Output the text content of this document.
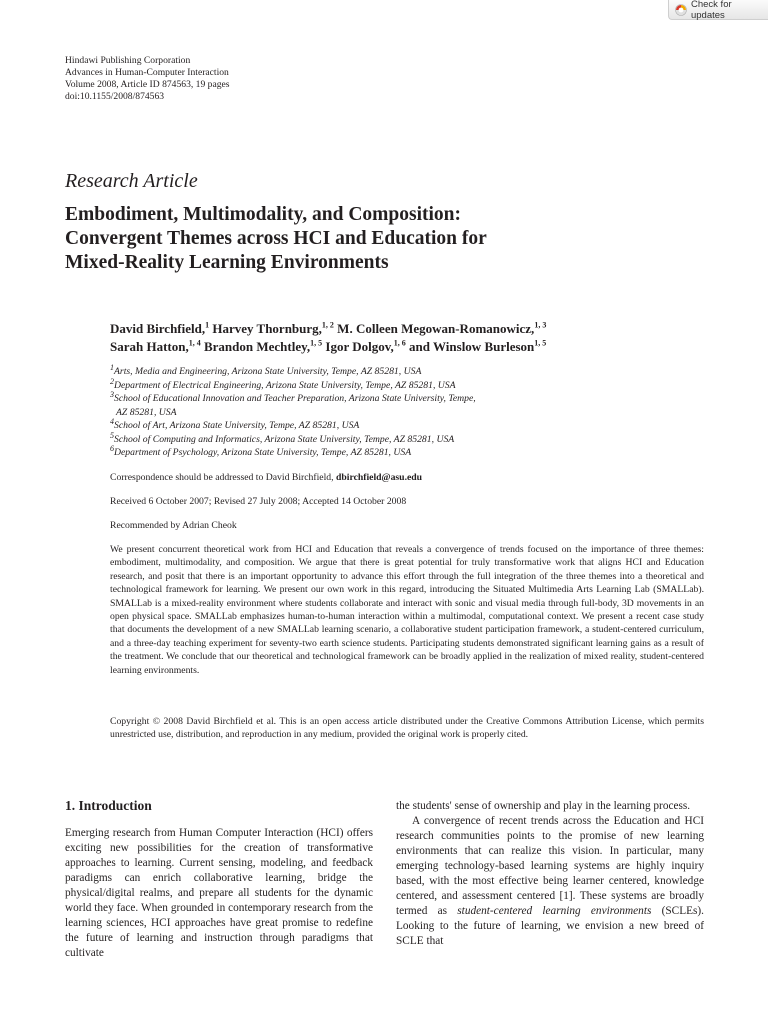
Check for updates
Hindawi Publishing Corporation
Advances in Human-Computer Interaction
Volume 2008, Article ID 874563, 19 pages
doi:10.1155/2008/874563
Research Article
Embodiment, Multimodality, and Composition:
Convergent Themes across HCI and Education for
Mixed-Reality Learning Environments
David Birchfield,$^1$ Harvey Thornburg,$^{1, 2}$ M. Colleen Megowan-Romanowicz,$^{1, 3}$
Sarah Hatton,$^{1, 4}$ Brandon Mechtley,$^{1, 5}$ Igor Dolgov,$^{1, 6}$ and Winslow Burleson$^{1, 5}$
$^1$Arts, Media and Engineering, Arizona State University, Tempe, AZ 85281, USA
$^2$Department of Electrical Engineering, Arizona State University, Tempe, AZ 85281, USA
$^3$School of Educational Innovation and Teacher Preparation, Arizona State University, Tempe,
AZ 85281, USA
$^4$School of Art, Arizona State University, Tempe, AZ 85281, USA
$^5$School of Computing and Informatics, Arizona State University, Tempe, AZ 85281, USA
$^6$Department of Psychology, Arizona State University, Tempe, AZ 85281, USA
Correspondence should be addressed to David Birchfield, dbirchfield@asu.edu
Received 6 October 2007; Revised 27 July 2008; Accepted 14 October 2008
Recommended by Adrian Cheok

We present concurrent theoretical work from HCI and Education that reveals a convergence of trends focused on the importance of three themes: embodiment, multimodality, and composition. We argue that there is great potential for truly transformative work that aligns HCI and Education research, and posit that there is an important opportunity to advance this effort through the full integration of the three themes into a theoretical and technological framework for learning. We present our own work in this regard, introducing the Situated Multimedia Arts Learning Lab (SMALLab). SMALLab is a mixed-reality environment where students collaborate and interact with sonic and visual media through full-body, 3D movements in an open physical space. SMALLab emphasizes human-to-human interaction within a multimodal, computational context. We present a recent case study that documents the development of a new SMALLab learning scenario, a collaborative student participation framework, a student-centered curriculum, and a three-day teaching experiment for seventy-two earth science students. Participating students demonstrated significant learning gains as a result of the treatment. We conclude that our theoretical and technological framework can be broadly applied in the realization of mixed reality, student-centered learning environments.

Copyright © 2008 David Birchfield et al. This is an open access article distributed under the Creative Commons Attribution License, which permits unrestricted use, distribution, and reproduction in any medium, provided the original work is properly cited.

1. Introduction

Emerging research from Human Computer Interaction (HCI) offers exciting new possibilities for the creation of transformative approaches to learning. Current sensing, modeling, and feedback paradigms can enrich collaborative learning, bridge the physical/digital realms, and prepare all students for the dynamic world they face. When grounded in contemporary research from the learning sciences, HCI approaches have great promise to redefine the future of learning and instruction through paradigms that cultivate

the students' sense of ownership and play in the learning process.

A convergence of recent trends across the Education and HCI research communities points to the promise of new learning environments that can realize this vision. In particular, many emerging technology-based learning systems are highly inquiry based, with the most effective being learner centered, knowledge centered, and assessment centered [1]. These systems are broadly termed as student-centered learning environments (SCLEs). Looking to the future of learning, we envision a new breed of SCLE that
